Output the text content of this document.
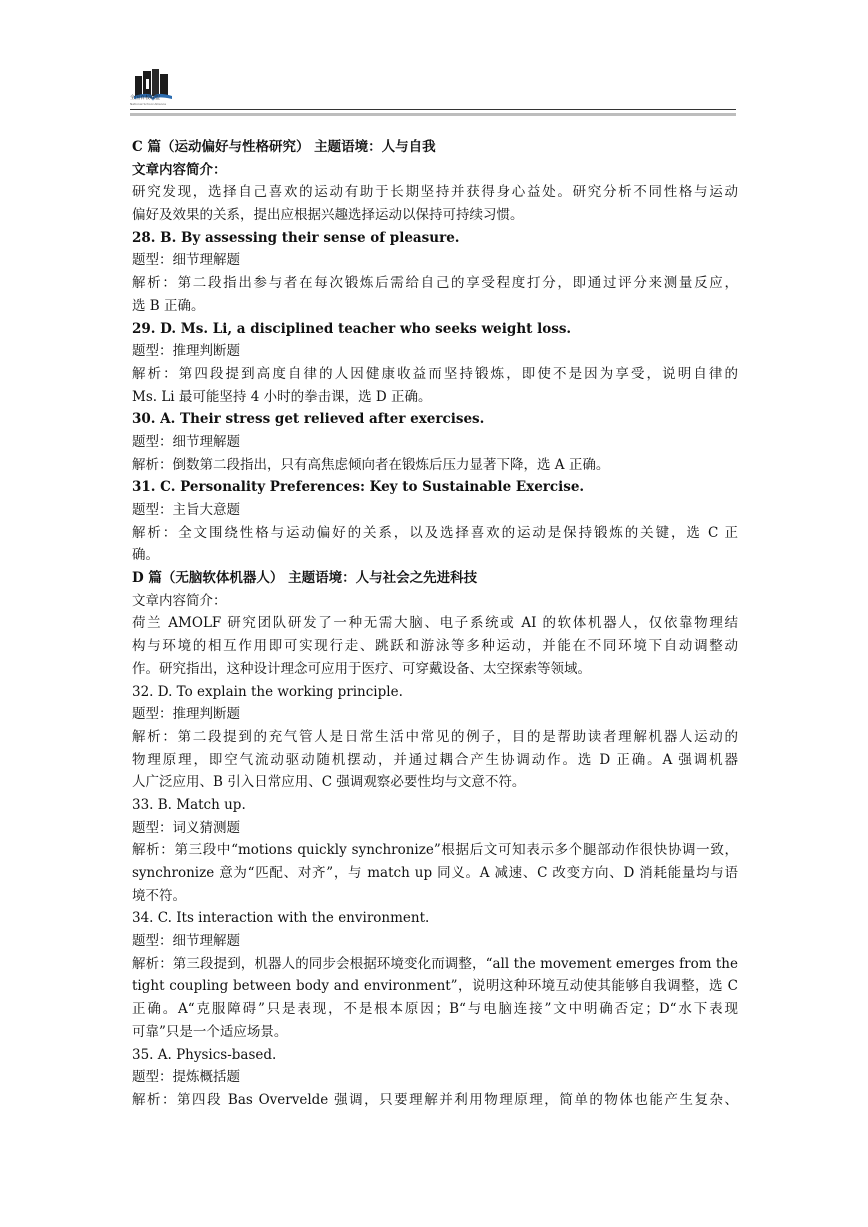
全国百校联盟
National School Alliance
C 篇（运动偏好与性格研究） 主题语境：人与自我
文章内容简介：
研究发现，选择自己喜欢的运动有助于长期坚持并获得身心益处。研究分析不同性格与运动
偏好及效果的关系，提出应根据兴趣选择运动以保持可持续习惯。
28. B. By assessing their sense of pleasure.
题型：细节理解题
解析：第二段指出参与者在每次锻炼后需给自己的享受程度打分，即通过评分来测量反应，
选 B 正确。
29. D. Ms. Li, a disciplined teacher who seeks weight loss.
题型：推理判断题
解析：第四段提到高度自律的人因健康收益而坚持锻炼，即使不是因为享受，说明自律的
Ms. Li 最可能坚持 4 小时的拳击课，选 D 正确。
30. A. Their stress get relieved after exercises.
题型：细节理解题
解析：倒数第二段指出，只有高焦虑倾向者在锻炼后压力显著下降，选 A 正确。
31. C. Personality Preferences: Key to Sustainable Exercise.
题型：主旨大意题
解析：全文围绕性格与运动偏好的关系，以及选择喜欢的运动是保持锻炼的关键，选 C 正
确。
D 篇（无脑软体机器人） 主题语境：人与社会之先进科技
文章内容简介：
荷兰 AMOLF 研究团队研发了一种无需大脑、电子系统或 AI 的软体机器人，仅依靠物理结
构与环境的相互作用即可实现行走、跳跃和游泳等多种运动，并能在不同环境下自动调整动
作。研究指出，这种设计理念可应用于医疗、可穿戴设备、太空探索等领域。
32. D. To explain the working principle.
题型：推理判断题
解析：第二段提到的充气管人是日常生活中常见的例子，目的是帮助读者理解机器人运动的
物理原理，即空气流动驱动随机摆动，并通过耦合产生协调动作。选 D 正确。A 强调机器
人广泛应用、B 引入日常应用、C 强调观察必要性均与文意不符。
33. B. Match up.
题型：词义猜测题
解析：第三段中“motions quickly synchronize”根据后文可知表示多个腿部动作很快协调一致，
synchronize 意为“匹配、对齐”，与 match up 同义。A 减速、C 改变方向、D 消耗能量均与语
境不符。
34. C. Its interaction with the environment.
题型：细节理解题
解析：第三段提到，机器人的同步会根据环境变化而调整，“all the movement emerges from the
tight coupling between body and environment”，说明这种环境互动使其能够自我调整，选 C
正确。A“克服障碍”只是表现，不是根本原因；B“与电脑连接”文中明确否定；D“水下表现
可靠”只是一个适应场景。
35. A. Physics-based.
题型：提炼概括题
解析：第四段 Bas Overvelde 强调，只要理解并利用物理原理，简单的物体也能产生复杂、
